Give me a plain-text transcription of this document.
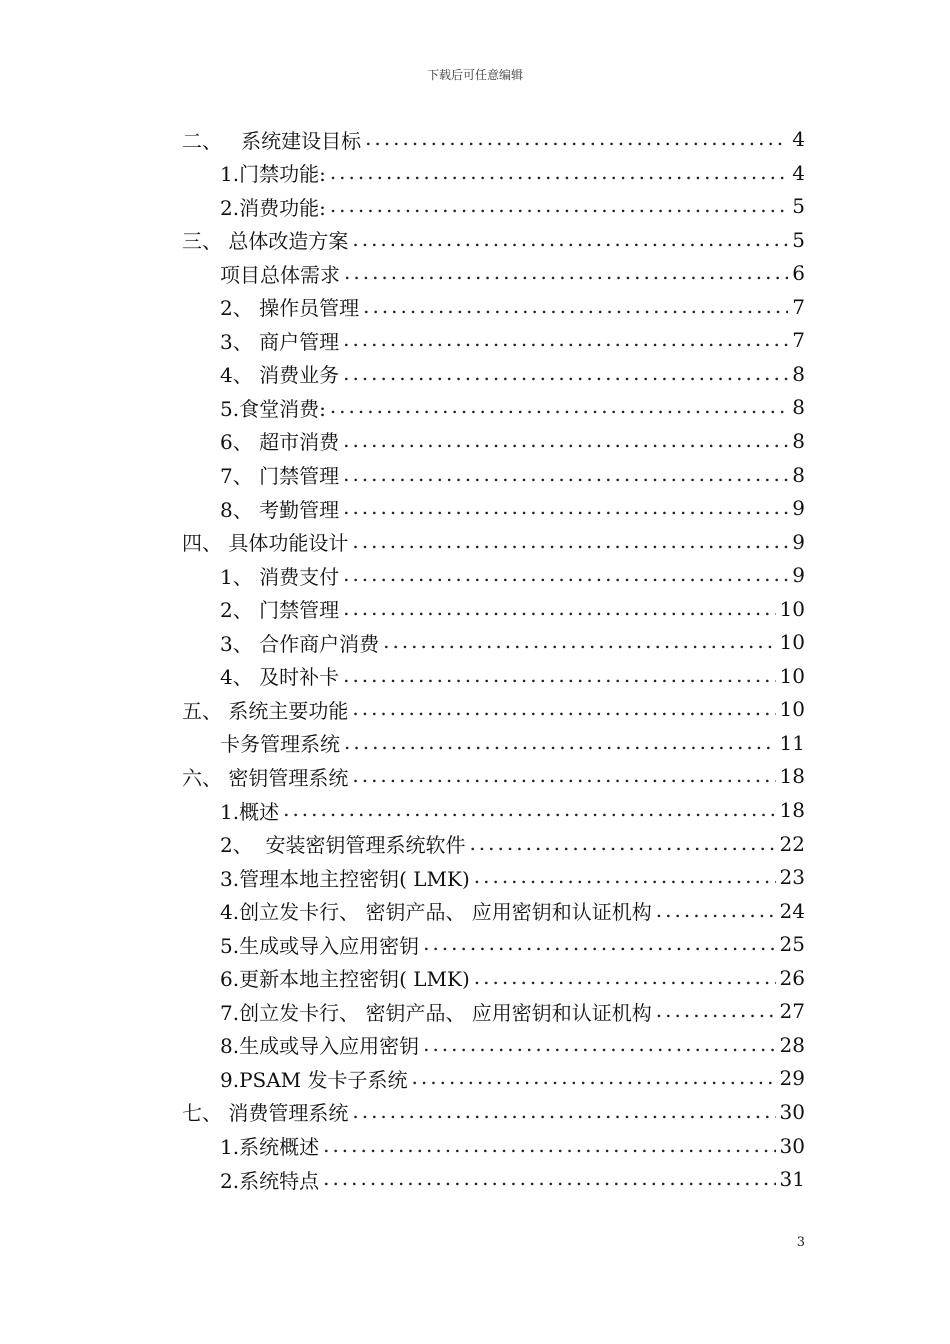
下载后可任意编辑
二、   系统建设目标 .....	4
1.门禁功能: .....	4
2.消费功能: .....	5
三、 总体改造方案 .....	5
项目总体需求 .....	6
2、 操作员管理 .....	7
3、 商户管理 .....	7
4、 消费业务 .....	8
5.食堂消费: .....	8
6、 超市消费 .....	8
7、 门禁管理 .....	8
8、 考勤管理 .....	9
四、 具体功能设计 .....	9
1、 消费支付 .....	9
2、 门禁管理 .....	10
3、 合作商户消费 .....	10
4、 及时补卡 .....	10
五、 系统主要功能 .....	10
卡务管理系统 .....	11
六、 密钥管理系统 .....	18
1.概述 .....	18
2、  安装密钥管理系统软件 .....	22
3.管理本地主控密钥( LMK) .....	23
4.创立发卡行、 密钥产品、 应用密钥和认证机构 .....	24
5.生成或导入应用密钥 .....	25
6.更新本地主控密钥( LMK) .....	26
7.创立发卡行、 密钥产品、 应用密钥和认证机构 .....	27
8.生成或导入应用密钥 .....	28
9.PSAM 发卡子系统 .....	29
七、 消费管理系统 .....	30
1.系统概述 .....	30
2.系统特点 .....	31
3
